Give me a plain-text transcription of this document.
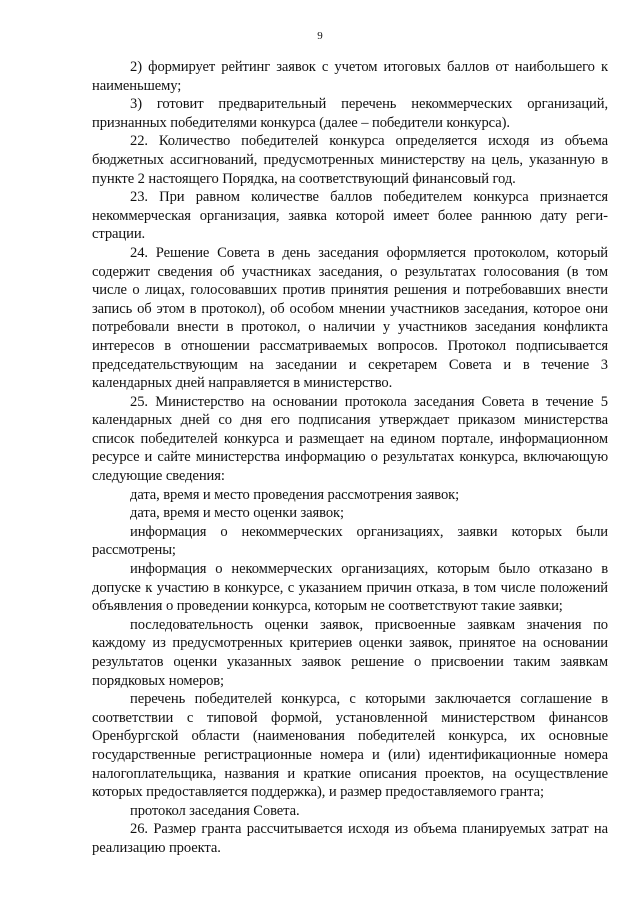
9

2) формирует рейтинг заявок с учетом итоговых баллов от наибольшего к наименьшему;

3) готовит предварительный перечень некоммерческих организаций, признанных победителями конкурса (далее – победители конкурса).

22. Количество победителей конкурса определяется исходя из объема бюджетных ассигнований, предусмотренных министерству на цель, указанную в пункте 2 настоящего Порядка, на соответствующий финансовый год.

23. При равном количестве баллов победителем конкурса признается некоммерческая организация, заявка которой имеет более раннюю дату регистрации.

24. Решение Совета в день заседания оформляется протоколом, который содержит сведения об участниках заседания, о результатах голосования (в том числе о лицах, голосовавших против принятия решения и потребовавших внести запись об этом в протокол), об особом мнении участников заседания, которое они потребовали внести в протокол, о наличии у участников заседания конфликта интересов в отношении рассматриваемых вопросов. Протокол подписывается председательствующим на заседании и секретарем Совета и в течение 3 календарных дней направляется в министерство.

25. Министерство на основании протокола заседания Совета в течение 5 календарных дней со дня его подписания утверждает приказом министерства список победителей конкурса и размещает на едином портале, информационном ресурсе и сайте министерства информацию о результатах конкурса, включающую следующие сведения:

дата, время и место проведения рассмотрения заявок;

дата, время и место оценки заявок;

информация о некоммерческих организациях, заявки которых были рассмотрены;

информация о некоммерческих организациях, которым было отказано в допуске к участию в конкурсе, с указанием причин отказа, в том числе положений объявления о проведении конкурса, которым не соответствуют такие заявки;

последовательность оценки заявок, присвоенные заявкам значения по каждому из предусмотренных критериев оценки заявок, принятое на основании результатов оценки указанных заявок решение о присвоении таким заявкам порядковых номеров;

перечень победителей конкурса, с которыми заключается соглашение в соответствии с типовой формой, установленной министерством финансов Оренбургской области (наименования победителей конкурса, их основные государственные регистрационные номера и (или) идентификационные номера налогоплательщика, названия и краткие описания проектов, на осуществление которых предоставляется поддержка), и размер предоставляемого гранта;

протокол заседания Совета.

26. Размер гранта рассчитывается исходя из объема планируемых затрат на реализацию проекта.
